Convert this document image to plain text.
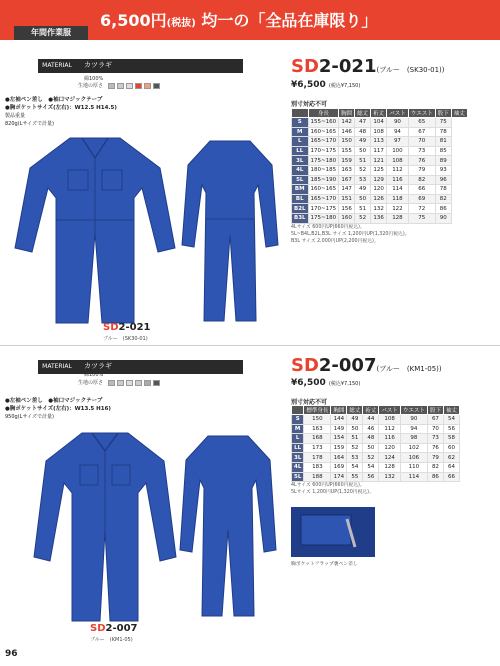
年間作業服
6,500円(税抜) 均一の「全品在庫限り」
MATERIAL	カツラギ
綿100%
生地の厚さ
●左袖ペン差し　●袖口マジックテープ
●胸ポケットサイズ(左右)：W12.5 H14.5)
製品重量
820g(Lサイズで計量)
SD2-021
ブルー　(SK30-01)
SD2-021(ブルー　(SK30-01))
¥6,500 (税込¥7,150)
別寸対応不可
	身長	胸囲	総丈	裄丈	バスト	ウエスト	股下	袖丈
S	155~160	142	47	104	90	65	75	
M	160~165	146	48	108	94	67	78	
L	165~170	150	49	113	97	70	81	
LL	170~175	155	50	117	100	73	85	
3L	175~180	159	51	121	108	76	89	
4L	180~185	163	52	125	112	79	93	
5L	185~190	167	53	129	116	82	96	
BM	160~165	147	49	120	114	66	78	
BL	165~170	151	50	126	118	69	82	
B2L	170~175	156	51	132	122	72	86	
B3L	175~180	160	52	136	128	75	90	
4Lサイズ 600円UP(660円税込)。
5L~B4L,B2L,B3L サイズ 1,200円UP(1,320円税込)。
B3L サイズ 2,000円UP(2,200円税込)。
MATERIAL	カツラギ
綿100%
生地の厚さ
●左袖ペン差し　●袖口マジックテープ
●胸ポケットサイズ(左右)：W13.5 H16)
950g(Lサイズで計量)
SD2-007
ブルー　(KM1-05)
SD2-007(ブルー　(KM1-05))
¥6,500 (税込¥7,150)
別寸対応不可
	標準身長	胸囲	総丈	裄丈	バスト	ウエスト	股下	袖丈
S	150	144	49	44	108	90	67	54
M	163	149	50	46	112	94	70	56
L	168	154	51	48	116	98	73	58
LL	173	159	52	50	120	102	76	60
3L	178	164	53	52	124	106	79	62
4L	183	169	54	54	128	110	82	64
5L	188	174	55	56	132	114	86	66
4Lサイズ 600円UP(660円税込)。
5Lサイズ 1,200円UP(1,320円税込)。
胸ポケットフラップ裏ペン差し
96
